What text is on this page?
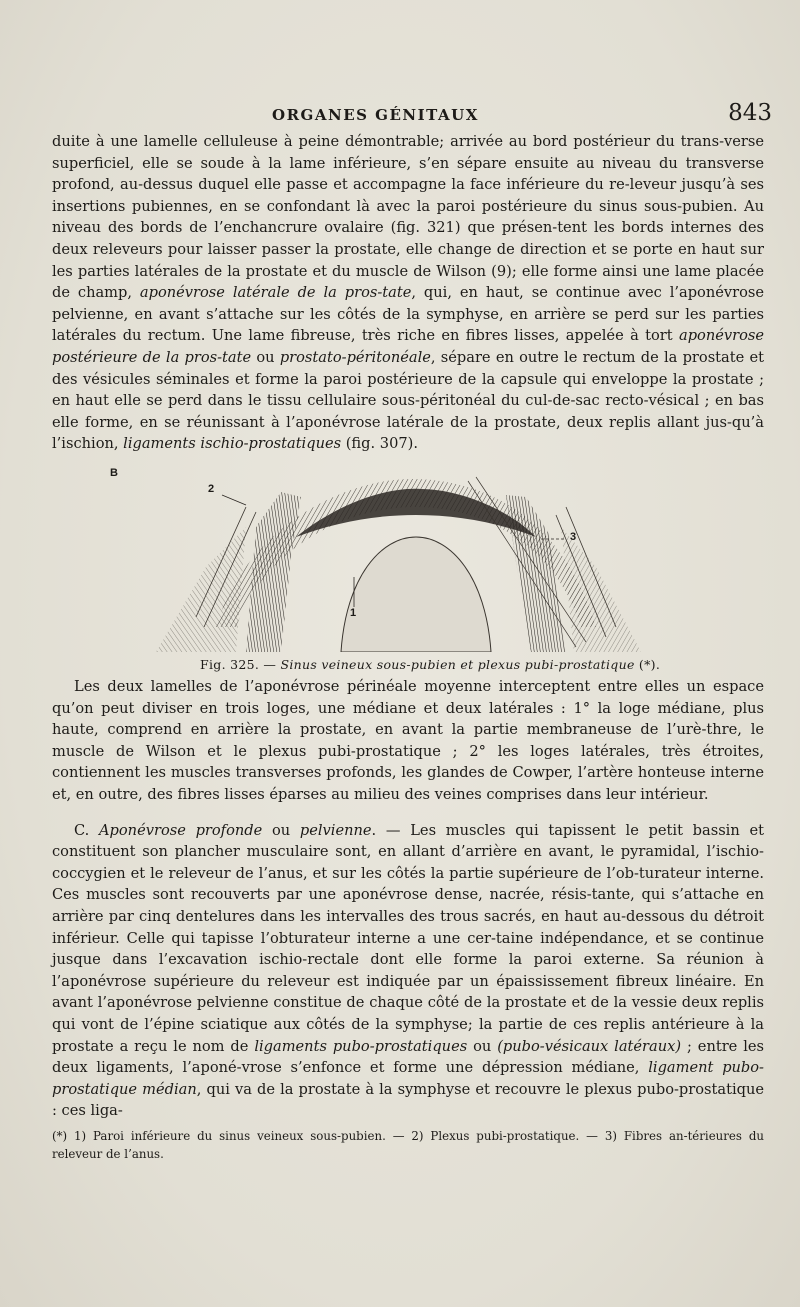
ORGANES GÉNITAUX	843

duite à une lamelle celluleuse à peine démontrable; arrivée au bord postérieur du trans-verse superficiel, elle se soude à la lame inférieure, s’en sépare ensuite au niveau du transverse profond, au-dessus duquel elle passe et accompagne la face inférieure du re-leveur jusqu’à ses insertions pubiennes, en se confondant là avec la paroi postérieure du sinus sous-pubien. Au niveau des bords de l’enchancrure ovalaire (fig. 321) que présen-tent les bords internes des deux releveurs pour laisser passer la prostate, elle change de direction et se porte en haut sur les parties latérales de la prostate et du muscle de Wilson (9); elle forme ainsi une lame placée de champ, aponévrose latérale de la pros-tate, qui, en haut, se continue avec l’aponévrose pelvienne, en avant s’attache sur les côtés de la symphyse, en arrière se perd sur les parties latérales du rectum. Une lame fibreuse, très riche en fibres lisses, appelée à tort aponévrose postérieure de la pros-tate ou prostato-péritonéale, sépare en outre le rectum de la prostate et des vésicules séminales et forme la paroi postérieure de la capsule qui enveloppe la prostate ; en haut elle se perd dans le tissu cellulaire sous-péritonéal du cul-de-sac recto-vésical ; en bas elle forme, en se réunissant à l’aponévrose latérale de la prostate, deux replis allant jus-qu’à l’ischion, ligaments ischio-prostatiques (fig. 307).

B
2
3
1
Fig. 325. — Sinus veineux sous-pubien et plexus pubi-prostatique (*).

Les deux lamelles de l’aponévrose périnéale moyenne interceptent entre elles un espace qu’on peut diviser en trois loges, une médiane et deux latérales : 1° la loge médiane, plus haute, comprend en arrière la prostate, en avant la partie membraneuse de l’urè-thre, le muscle de Wilson et le plexus pubi-prostatique ; 2° les loges latérales, très étroites, contiennent les muscles transverses profonds, les glandes de Cowper, l’artère honteuse interne et, en outre, des fibres lisses éparses au milieu des veines comprises dans leur intérieur.

C. Aponévrose profonde ou pelvienne. — Les muscles qui tapissent le petit bassin et constituent son plancher musculaire sont, en allant d’arrière en avant, le pyramidal, l’ischio-coccygien et le releveur de l’anus, et sur les côtés la partie supérieure de l’ob-turateur interne. Ces muscles sont recouverts par une aponévrose dense, nacrée, résis-tante, qui s’attache en arrière par cinq dentelures dans les intervalles des trous sacrés, en haut au-dessous du détroit inférieur. Celle qui tapisse l’obturateur interne a une cer-taine indépendance, et se continue jusque dans l’excavation ischio-rectale dont elle forme la paroi externe. Sa réunion à l’aponévrose supérieure du releveur est indiquée par un épaississement fibreux linéaire. En avant l’aponévrose pelvienne constitue de chaque côté de la prostate et de la vessie deux replis qui vont de l’épine sciatique aux côtés de la symphyse; la partie de ces replis antérieure à la prostate a reçu le nom de ligaments pubo-prostatiques ou (pubo-vésicaux latéraux) ; entre les deux ligaments, l’aponé-vrose s’enfonce et forme une dépression médiane, ligament pubo-prostatique médian, qui va de la prostate à la symphyse et recouvre le plexus pubo-prostatique : ces liga-

(*) 1) Paroi inférieure du sinus veineux sous-pubien. — 2) Plexus pubi-prostatique. — 3) Fibres an-térieures du releveur de l’anus.
